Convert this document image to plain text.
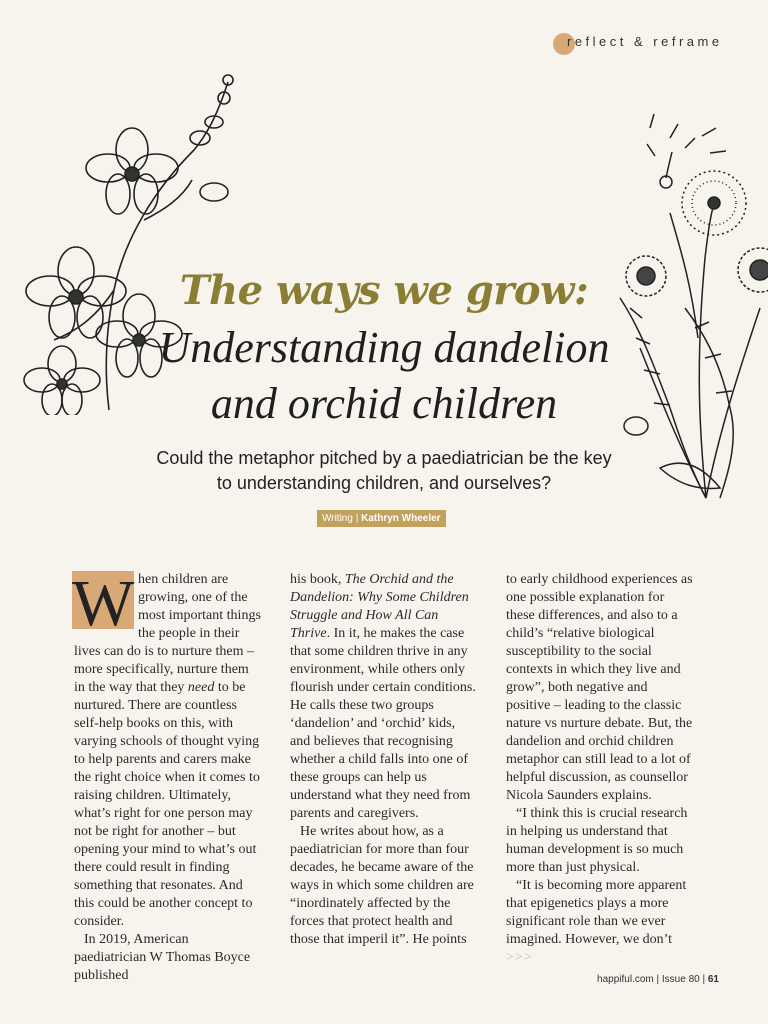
reflect & reframe
The ways we grow:
Understanding dandelion
and orchid children
Could the metaphor pitched by a paediatrician be the key
to understanding children, and ourselves?
Writing | Kathryn Wheeler

W hen children are growing, one of the most important things the people in their lives can do is to nurture them – more specifically, nurture them in the way that they need to be nurtured. There are countless self-help books on this, with varying schools of thought vying to help parents and carers make the right choice when it comes to raising children. Ultimately, what’s right for one person may not be right for another – but opening your mind to what’s out there could result in finding something that resonates. And this could be another concept to consider.

In 2019, American paediatrician W Thomas Boyce published

his book, The Orchid and the Dandelion: Why Some Children Struggle and How All Can Thrive. In it, he makes the case that some children thrive in any environment, while others only flourish under certain conditions. He calls these two groups ‘dandelion’ and ‘orchid’ kids, and believes that recognising whether a child falls into one of these groups can help us understand what they need from parents and caregivers.

He writes about how, as a paediatrician for more than four decades, he became aware of the ways in which some children are “inordinately affected by the forces that protect health and those that imperil it”. He points

to early childhood experiences as one possible explanation for these differences, and also to a child’s “relative biological susceptibility to the social contexts in which they live and grow”, both negative and positive – leading to the classic nature vs nurture debate. But, the dandelion and orchid children metaphor can still lead to a lot of helpful discussion, as counsellor Nicola Saunders explains.

“I think this is crucial research in helping us understand that human development is so much more than just physical.

“It is becoming more apparent that epigenetics plays a more significant role than we ever imagined. However, we don’t >>>

happiful.com | Issue 80 | 61
